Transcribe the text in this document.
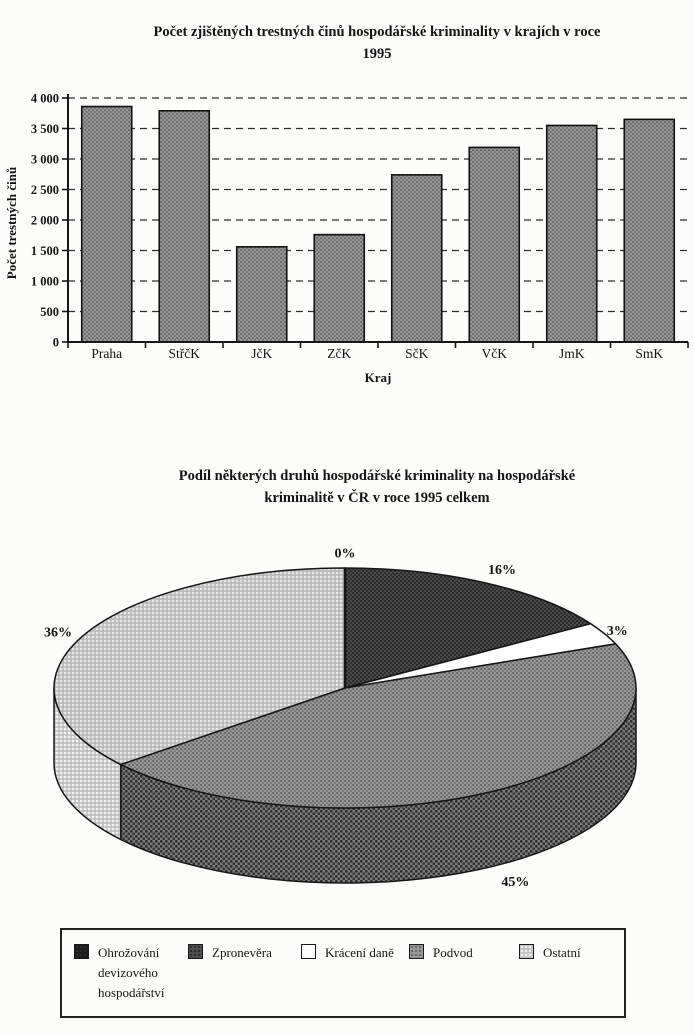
Počet zjištěných trestných činů hospodářské kriminality v krajích v roce
1995
0
500
1 000
1 500
2 000
2 500
3 000
3 500
4 000
Praha	StřčK	JčK	ZčK	SčK	VčK	JmK	SmK
Kraj
Počet trestných činů
Podíl některých druhů hospodářské kriminality na hospodářské
kriminalitě v ČR v roce 1995 celkem
0%
16%
3%
45%
36%
Ohrožování devizového hospodářství
Zpronevěra	Krácení daně	Podvod	Ostatní
